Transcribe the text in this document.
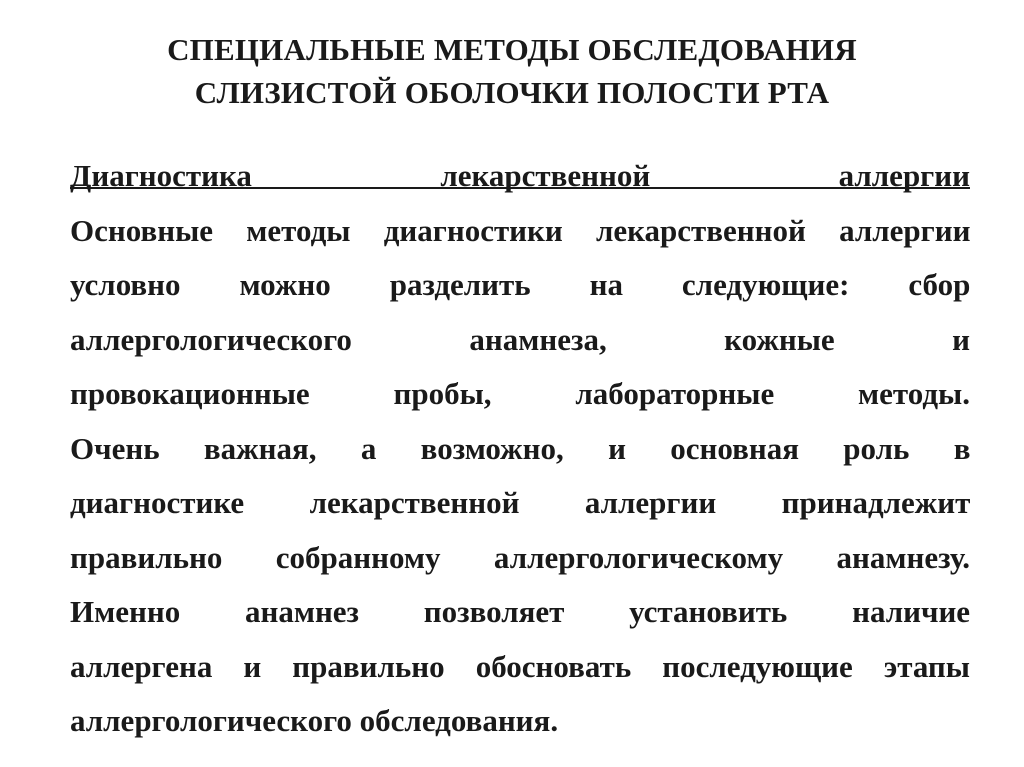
СПЕЦИАЛЬНЫЕ МЕТОДЫ ОБСЛЕДОВАНИЯ
СЛИЗИСТОЙ ОБОЛОЧКИ ПОЛОСТИ РТА
Диагностика лекарственной аллергии
Основные методы диагностики лекарственной аллергии
условно можно разделить на следующие: сбор
аллергологического анамнеза, кожные и
провокационные пробы, лабораторные методы.
Очень важная, а возможно, и основная роль в
диагностике лекарственной аллергии принадлежит
правильно собранному аллергологическому анамнезу.
Именно анамнез позволяет установить наличие
аллергена и правильно обосновать последующие этапы
аллергологического обследования.
